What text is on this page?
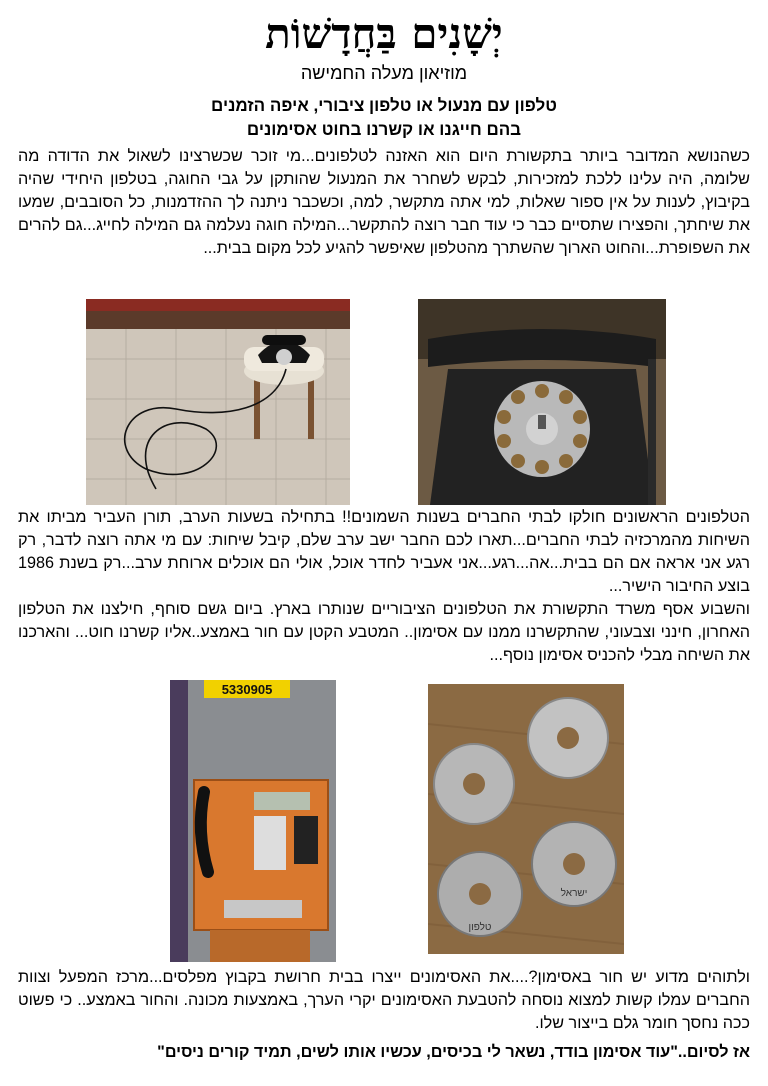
יְשָׁנִים בַּחֲדָשׁוֹת
מוזיאון מעלה החמישה
טלפון עם מנעול או טלפון ציבורי, איפה הזמנים
בהם חייגנו או קשרנו בחוט אסימונים
כשהנושא המדובר ביותר בתקשורת היום הוא האזנה לטלפונים...מי זוכר שכשרצינו לשאול את הדודה מה שלומה, היה עלינו ללכת למזכירות, לבקש לשחרר את המנעול שהותקן על גבי החוגה, בטלפון היחידי שהיה בקיבוץ, לענות על אין ספור שאלות, למי אתה מתקשר, למה, וכשכבר ניתנה לך ההזדמנות, כל הסובבים, שמעו את שיחתך, והפצירו שתסיים כבר כי עוד חבר רוצה להתקשר...המילה חוגה נעלמה גם המילה לחייג...גם להרים את השפופרת...והחוט הארוך שהשתרך מהטלפון שאיפשר להגיע לכל מקום בבית...
הטלפונים הראשונים חולקו לבתי החברים בשנות השמונים!! בתחילה בשעות הערב, תורן העביר מביתו את השיחות מהמרכזיה לבתי החברים...תארו לכם החבר ישב ערב שלם, קיבל שיחות: עם מי אתה רוצה לדבר, רק רגע אני אראה אם הם בבית...אה...רגע...אני אעביר לחדר אוכל, אולי הם אוכלים ארוחת ערב...רק בשנת 1986 בוצע החיבור הישיר...
והשבוע אסף משרד התקשורת את הטלפונים הציבוריים שנותרו בארץ. ביום גשם סוחף, חילצנו את הטלפון האחרון, חינני וצבעוני, שהתקשרנו ממנו עם אסימון.. המטבע הקטן עם חור באמצע..אליו קשרנו חוט... והארכנו את השיחה מבלי להכניס אסימון נוסף...
5330905
טלפון
ישראל
ולתוהים מדוע יש חור באסימון?....את האסימונים ייצרו בבית חרושת בקבוץ מפלסים...מרכז המפעל וצוות החברים עמלו קשות למצוא נוסחה להטבעת האסימונים יקרי הערך, באמצעות מכונה. והחור באמצע.. כי פשוט ככה נחסך חומר גלם בייצור שלו.
אז לסיום.."עוד אסימון בודד, נשאר לי בכיסים, עכשיו אותו לשים, תמיד קורים ניסים"
